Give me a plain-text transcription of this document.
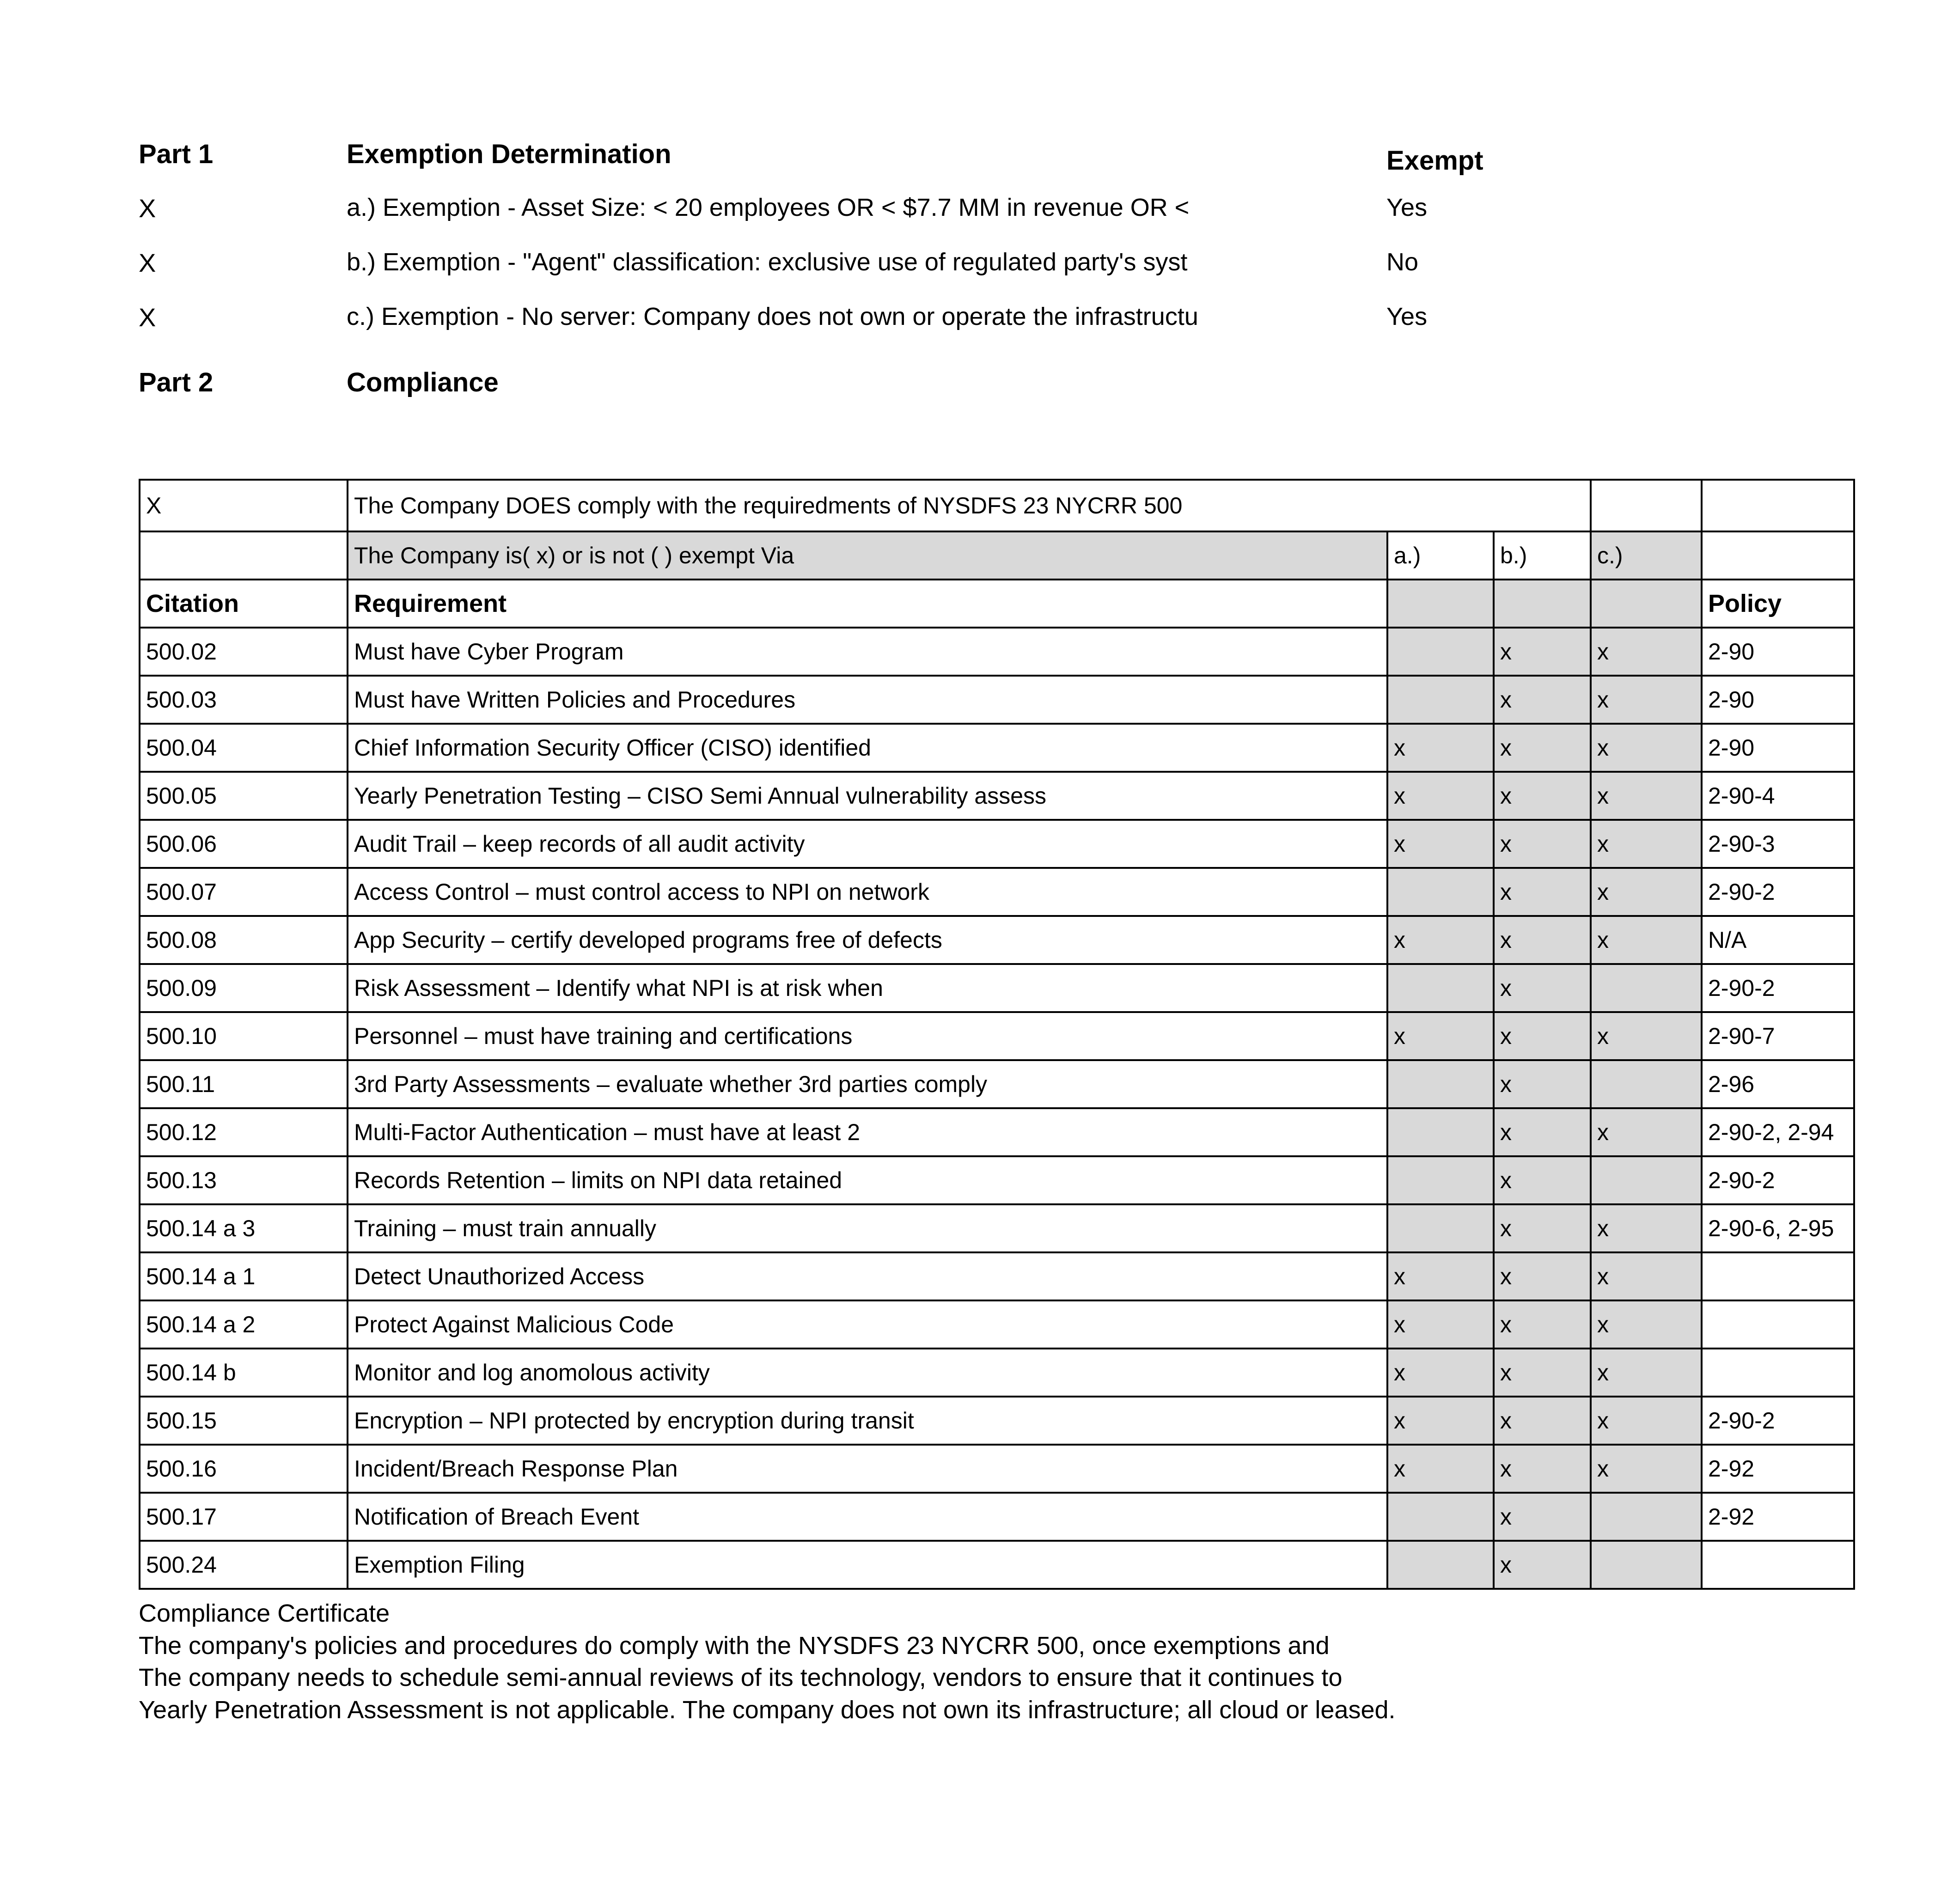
Exempt
Part 1	Exemption Determination
X	a.) Exemption - Asset Size: < 20 employees OR < $7.7 MM in revenue OR <	Yes
X	b.) Exemption - "Agent" classification: exclusive use of regulated party's syst	No
X	c.) Exemption - No server: Company does not own or operate the infrastructu	Yes
Part 2	Compliance
X	The Company DOES comply with the requiredments of NYSDFS 23 NYCRR 500				
	The Company is( x) or is not ( ) exempt Via	a.)	b.)	c.)	
Citation	Requirement				Policy
500.02	Must have Cyber Program		x	x	2-90
500.03	Must have Written Policies and Procedures		x	x	2-90
500.04	Chief Information Security Officer (CISO) identified	x	x	x	2-90
500.05	Yearly Penetration Testing – CISO Semi Annual vulnerability assess	x	x	x	2-90-4
500.06	Audit Trail – keep records of all audit activity	x	x	x	2-90-3
500.07	Access Control – must control access to NPI on network		x	x	2-90-2
500.08	App Security – certify developed programs free of defects	x	x	x	N/A
500.09	Risk Assessment – Identify what NPI is at risk when		x		2-90-2
500.10	Personnel – must have training and certifications	x	x	x	2-90-7
500.11	3rd Party Assessments – evaluate whether 3rd parties comply		x		2-96
500.12	Multi-Factor Authentication – must have at least 2		x	x	2-90-2, 2-94
500.13	Records Retention – limits on NPI data retained		x		2-90-2
500.14 a 3	Training – must train annually		x	x	2-90-6, 2-95
500.14 a 1	Detect Unauthorized Access	x	x	x	
500.14 a 2	Protect Against Malicious Code	x	x	x	
500.14 b	Monitor and log anomolous activity	x	x	x	
500.15	Encryption – NPI protected by encryption during transit	x	x	x	2-90-2
500.16	Incident/Breach Response Plan	x	x	x	2-92
500.17	Notification of Breach Event		x		2-92
500.24	Exemption Filing		x		

Compliance Certificate

The company's policies and procedures do comply with the NYSDFS 23 NYCRR 500, once exemptions and

The company needs to schedule semi-annual reviews of its technology, vendors to ensure that it continues to

Yearly Penetration Assessment is not applicable. The company does not own its infrastructure; all cloud or leased.
